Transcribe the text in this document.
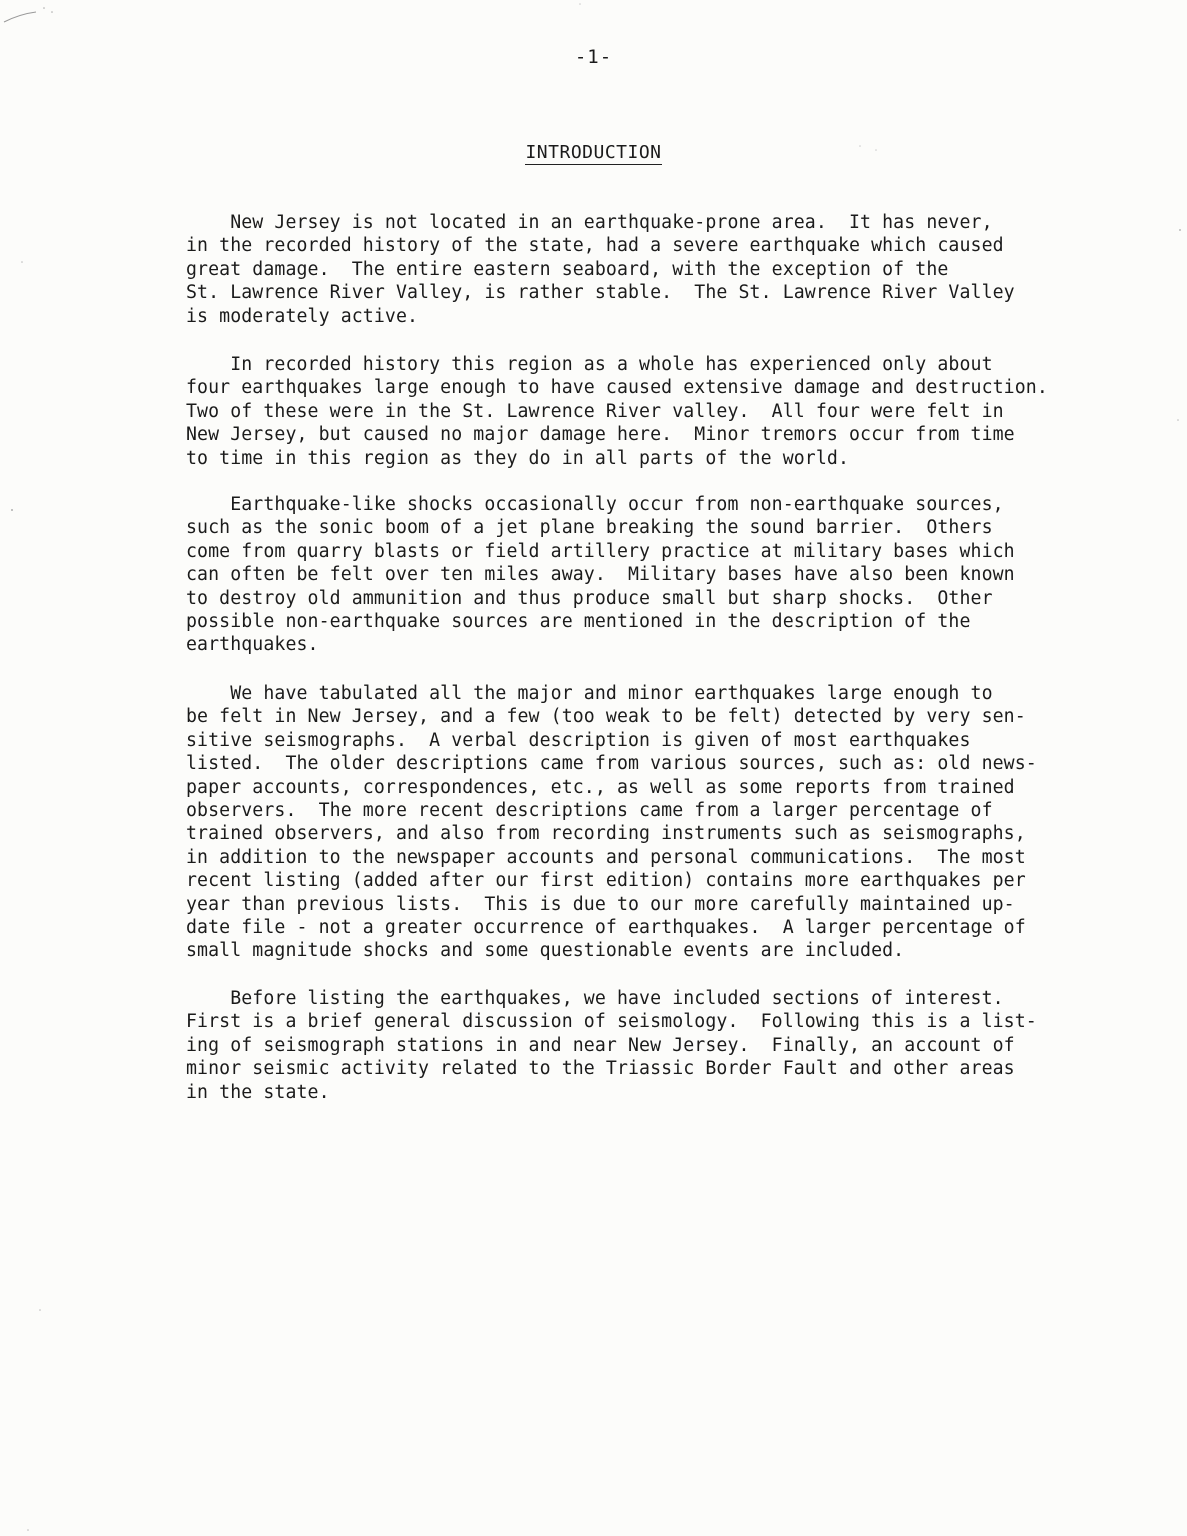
-1-
INTRODUCTION

New Jersey is not located in an earthquake-prone area.  It has never,
in the recorded history of the state, had a severe earthquake which caused
great damage.  The entire eastern seaboard, with the exception of the
St. Lawrence River Valley, is rather stable.  The St. Lawrence River Valley
is moderately active.

In recorded history this region as a whole has experienced only about
four earthquakes large enough to have caused extensive damage and destruction.
Two of these were in the St. Lawrence River valley.  All four were felt in
New Jersey, but caused no major damage here.  Minor tremors occur from time
to time in this region as they do in all parts of the world.

Earthquake-like shocks occasionally occur from non-earthquake sources,
such as the sonic boom of a jet plane breaking the sound barrier.  Others
come from quarry blasts or field artillery practice at military bases which
can often be felt over ten miles away.  Military bases have also been known
to destroy old ammunition and thus produce small but sharp shocks.  Other
possible non-earthquake sources are mentioned in the description of the
earthquakes.

We have tabulated all the major and minor earthquakes large enough to
be felt in New Jersey, and a few (too weak to be felt) detected by very sen-
sitive seismographs.  A verbal description is given of most earthquakes
listed.  The older descriptions came from various sources, such as: old news-
paper accounts, correspondences, etc., as well as some reports from trained
observers.  The more recent descriptions came from a larger percentage of
trained observers, and also from recording instruments such as seismographs,
in addition to the newspaper accounts and personal communications.  The most
recent listing (added after our first edition) contains more earthquakes per
year than previous lists.  This is due to our more carefully maintained up-
date file - not a greater occurrence of earthquakes.  A larger percentage of
small magnitude shocks and some questionable events are included.

Before listing the earthquakes, we have included sections of interest.
First is a brief general discussion of seismology.  Following this is a list-
ing of seismograph stations in and near New Jersey.  Finally, an account of
minor seismic activity related to the Triassic Border Fault and other areas
in the state.
